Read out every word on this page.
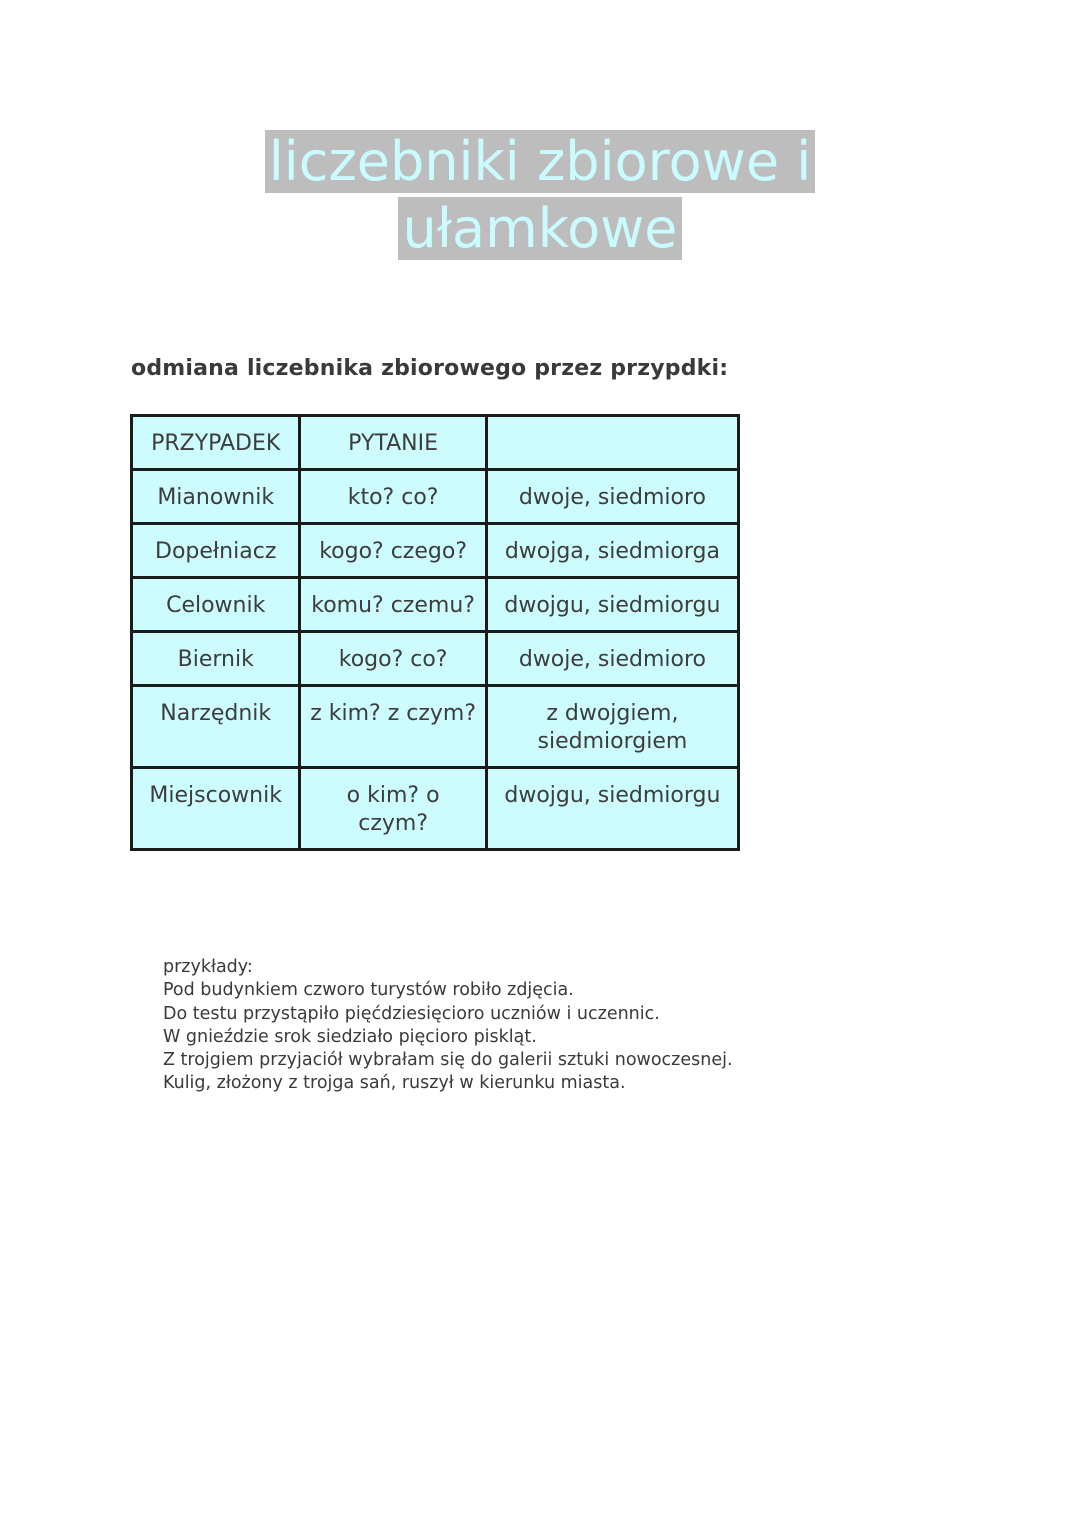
liczebniki zbiorowe i
ułamkowe

odmiana liczebnika zbiorowego przez przypdki:

PRZYPADEK	PYTANIE	
Mianownik	kto? co?	dwoje, siedmioro
Dopełniacz	kogo? czego?	dwojga, siedmiorga
Celownik	komu? czemu?	dwojgu, siedmiorgu
Biernik	kogo? co?	dwoje, siedmioro
Narzędnik	z kim? z czym?	z dwojgiem, siedmiorgiem
Miejscownik	o kim? o czym?	dwojgu, siedmiorgu
przykłady:
Pod budynkiem czworo turystów robiło zdjęcia.
Do testu przystąpiło pięćdziesięcioro uczniów i uczennic.
W gnieździe srok siedziało pięcioro piskląt.
Z trojgiem przyjaciół wybrałam się do galerii sztuki nowoczesnej.
Kulig, złożony z trojga sań, ruszył w kierunku miasta.
